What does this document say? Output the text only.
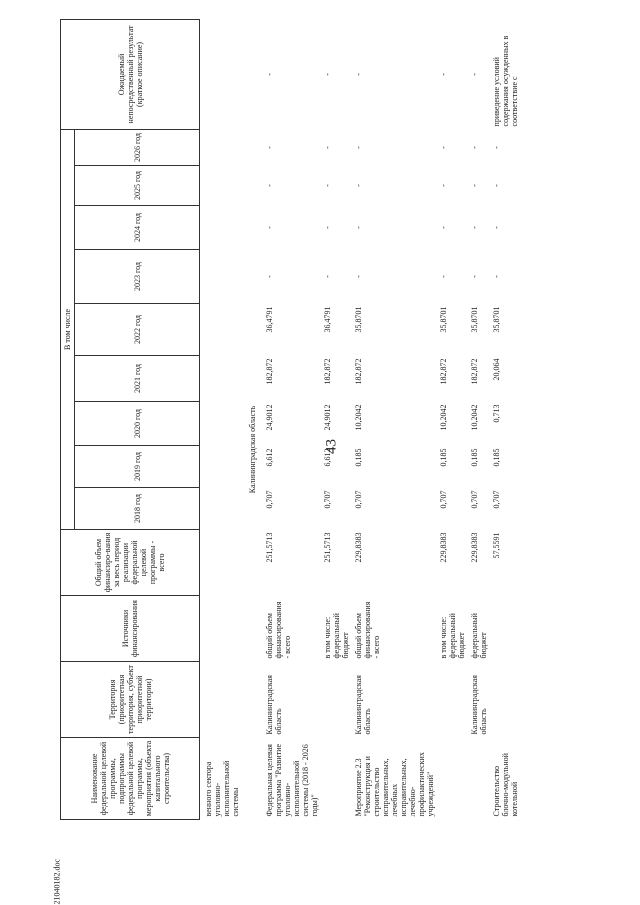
43
Наименование федеральной целевой программы, подпрограммы федеральной целевой программы, мероприятия (объекта капитального строительства)	Территория (приоритетная территория, субъект приоритетной территории)	Источники финансирования	Общий объем финансиро-вания за весь период реализации федеральной целевой программы - всего	В том числе									Ожидаемый непосредственный результат (краткое описание)
				2018 год	2019 год	2020 год	2021 год	2022 год	2023 год	2024 год	2025 год	2026 год	
венного сектора уголовно-исполнительной системы													
			Калининградская область										
Федеральная целевая программа "Развитие уголовно-исполнительной системы (2018 - 2026 годы)"	Калининградская область	общий объем финансирования - всего	251,5713	0,707	6,612	24,9012	182,872	36,4791	-	-	-	-	-
		в том числе: федеральный бюджет	251,5713	0,707	6,612	24,9012	182,872	36,4791	-	-	-	-	-
Мероприятие 2.3 "Реконструкция и строительство исправительных, лечебных исправительных, лечебно-профилактических учреждений"	Калининградская область	общий объем финансирования - всего	229,8383	0,707	0,185	10,2042	182,872	35,8701	-	-	-	-	-
		в том числе: федеральный бюджет	229,8383	0,707	0,185	10,2042	182,872	35,8701	-	-	-	-	-
	Калининградская область	федеральный бюджет	229,8383	0,707	0,185	10,2042	182,872	35,8701	-	-	-	-	-
Строительство блочно-модульной котельной			57,5591	0,707	0,185	0,713	20,064	35,8701	-	-	-	-	приведение условий содержания осужденных в соответствие с
21040182.doc
